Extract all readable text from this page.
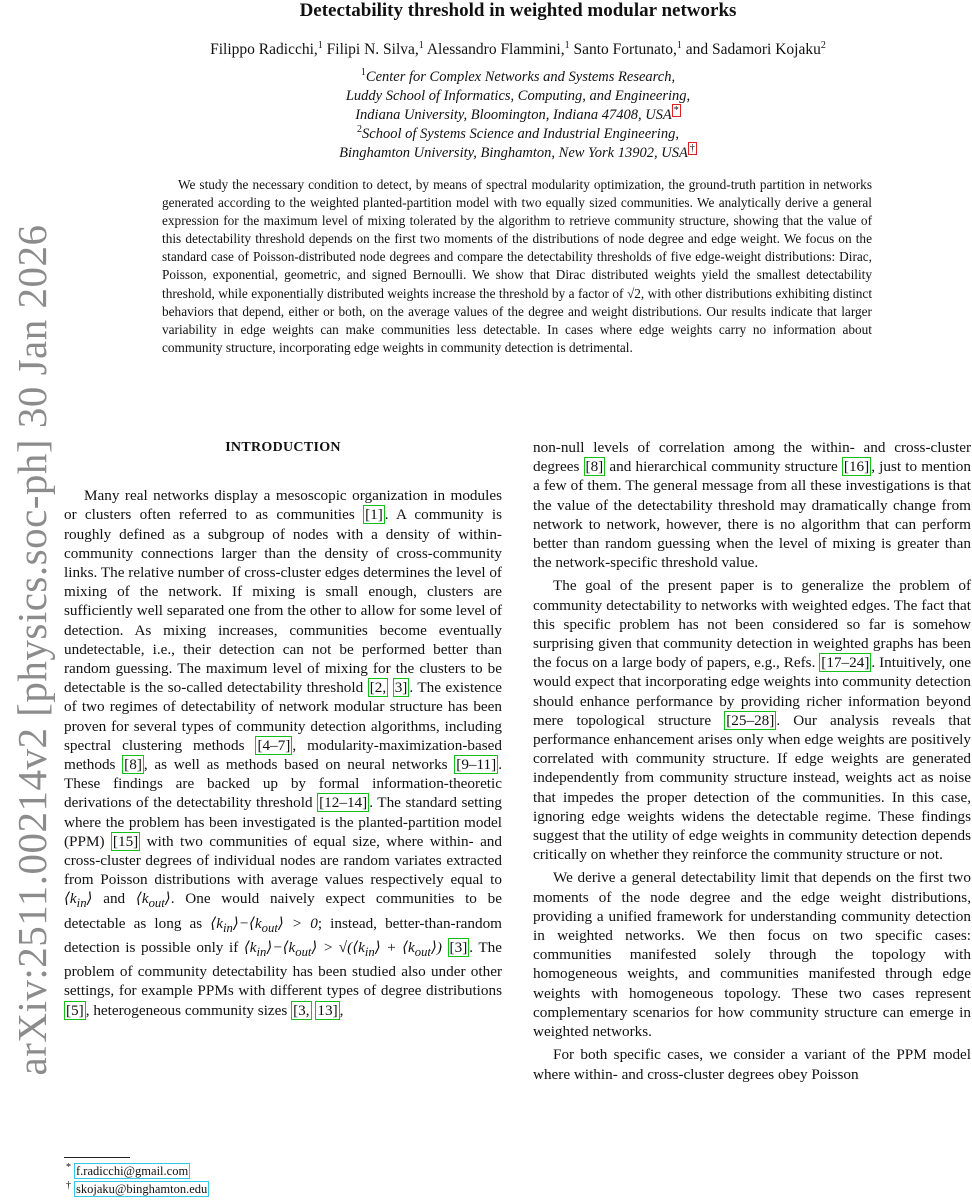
arXiv:2511.00214v2 [physics.soc-ph] 30 Jan 2026
Detectability threshold in weighted modular networks
Filippo Radicchi,$^1$ Filipi N. Silva,$^1$ Alessandro Flammini,$^1$ Santo Fortunato,$^1$ and Sadamori Kojaku$^2$
$^1$Center for Complex Networks and Systems Research,
Luddy School of Informatics, Computing, and Engineering,
Indiana University, Bloomington, Indiana 47408, USA *
$^2$School of Systems Science and Industrial Engineering,
Binghamton University, Binghamton, New York 13902, USA †

We study the necessary condition to detect, by means of spectral modularity optimization, the ground-truth partition in networks generated according to the weighted planted-partition model with two equally sized communities. We analytically derive a general expression for the maximum level of mixing tolerated by the algorithm to retrieve community structure, showing that the value of this detectability threshold depends on the first two moments of the distributions of node degree and edge weight. We focus on the standard case of Poisson-distributed node degrees and compare the detectability thresholds of five edge-weight distributions: Dirac, Poisson, exponential, geometric, and signed Bernoulli. We show that Dirac distributed weights yield the smallest detectability threshold, while exponentially distributed weights increase the threshold by a factor of √2, with other distributions exhibiting distinct behaviors that depend, either or both, on the average values of the degree and weight distributions. Our results indicate that larger variability in edge weights can make communities less detectable. In cases where edge weights carry no information about community structure, incorporating edge weights in community detection is detrimental.

INTRODUCTION

Many real networks display a mesoscopic organization in modules or clusters often referred to as communities [1] . A community is roughly defined as a subgroup of nodes with a density of within-community connections larger than the density of cross-community links. The relative number of cross-cluster edges determines the level of mixing of the network. If mixing is small enough, clusters are sufficiently well separated one from the other to allow for some level of detection. As mixing increases, communities become eventually undetectable, i.e., their detection can not be performed better than random guessing. The maximum level of mixing for the clusters to be detectable is the so-called detectability threshold [2, 3] . The existence of two regimes of detectability of network modular structure has been proven for several types of community detection algorithms, including spectral clustering methods [4–7] , modularity-maximization-based methods [8] , as well as methods based on neural networks [9–11] . These findings are backed up by formal information-theoretic derivations of the detectability threshold [12–14] . The standard setting where the problem has been investigated is the planted-partition model (PPM) [15] with two communities of equal size, where within- and cross-cluster degrees of individual nodes are random variates extracted from Poisson distributions with average values respectively equal to $⟨k_{in}⟩$ and $⟨k_{out}⟩$. One would naively expect communities to be detectable as long as $⟨k_{in}⟩-⟨k_{out}⟩ > 0$; instead, better-than-random detection is possible only if $⟨k_{in}⟩-⟨k_{out}⟩$ > $√(⟨k_{in}⟩$ + $⟨k_{out}⟩$) [3] . The problem of community detectability has been studied also under other settings, for example PPMs with different types of degree distributions [5] , heterogeneous community sizes [3, 13] ,

non-null levels of correlation among the within- and cross-cluster degrees [8] and hierarchical community structure [16] , just to mention a few of them. The general message from all these investigations is that the value of the detectability threshold may dramatically change from network to network, however, there is no algorithm that can perform better than random guessing when the level of mixing is greater than the network-specific threshold value.

The goal of the present paper is to generalize the problem of community detectability to networks with weighted edges. The fact that this specific problem has not been considered so far is somehow surprising given that community detection in weighted graphs has been the focus on a large body of papers, e.g., Refs. [17–24] . Intuitively, one would expect that incorporating edge weights into community detection should enhance performance by providing richer information beyond mere topological structure [25–28] . Our analysis reveals that performance enhancement arises only when edge weights are positively correlated with community structure. If edge weights are generated independently from community structure instead, weights act as noise that impedes the proper detection of the communities. In this case, ignoring edge weights widens the detectable regime. These findings suggest that the utility of edge weights in community detection depends critically on whether they reinforce the community structure or not.

We derive a general detectability limit that depends on the first two moments of the node degree and the edge weight distributions, providing a unified framework for understanding community detection in weighted networks. We then focus on two specific cases: communities manifested solely through the topology with homogeneous weights, and communities manifested through edge weights with homogeneous topology. These two cases represent complementary scenarios for how community structure can emerge in weighted networks.

For both specific cases, we consider a variant of the PPM model where within- and cross-cluster degrees obey Poisson

* f.radicchi@gmail.com
† skojaku@binghamton.edu
